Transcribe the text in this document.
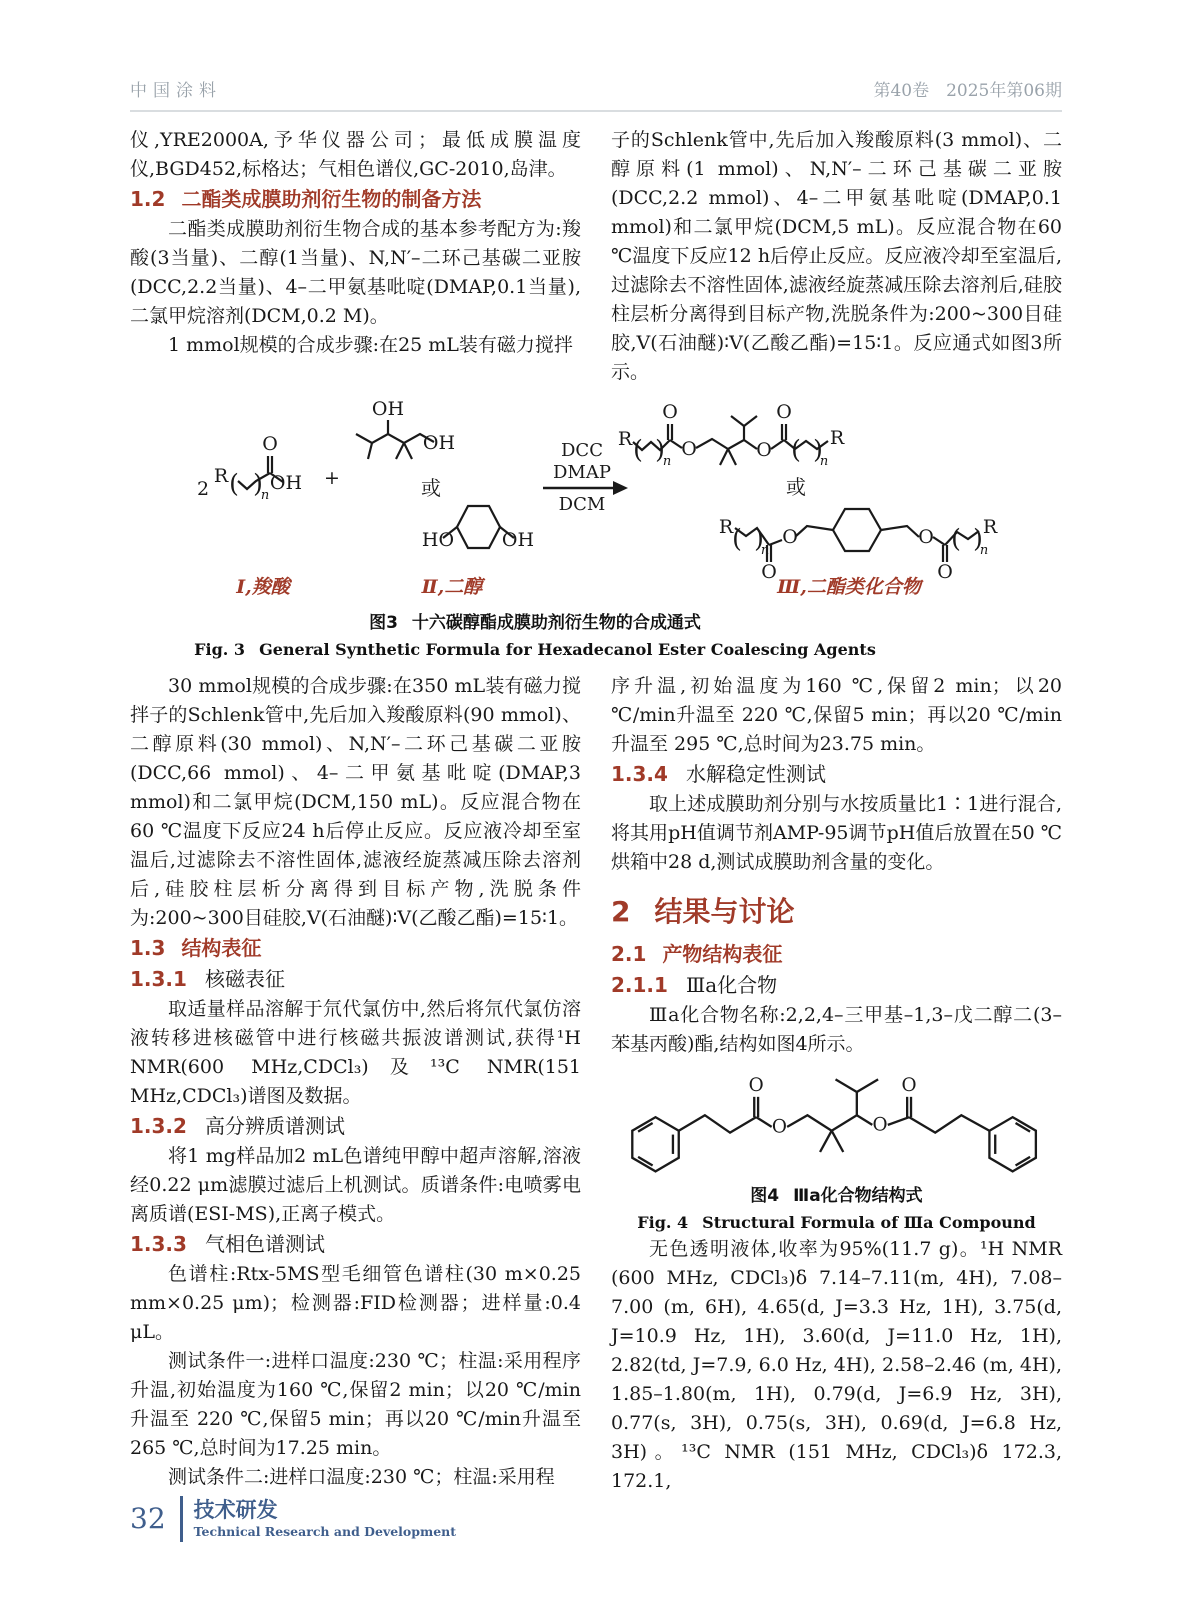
中国涂料	第40卷　2025年第06期

仪,YRE2000A,予华仪器公司；最低成膜温度仪,BGD452,标格达；气相色谱仪,GC-2010,岛津。

1.2 二酯类成膜助剂衍生物的制备方法

二酯类成膜助剂衍生物合成的基本参考配方为:羧酸(3当量)、二醇(1当量)、N,N′–二环己基碳二亚胺(DCC,2.2当量)、4–二甲氨基吡啶(DMAP,0.1当量),二氯甲烷溶剂(DCM,0.2 M)。

1 mmol规模的合成步骤:在25 mL装有磁力搅拌

子的Schlenk管中,先后加入羧酸原料(3 mmol)、二醇原料(1 mmol)、N,N′–二环己基碳二亚胺(DCC,2.2 mmol)、4–二甲氨基吡啶(DMAP,0.1 mmol)和二氯甲烷(DCM,5 mL)。反应混合物在60 ℃温度下反应12 h后停止反应。反应液冷却至室温后,过滤除去不溶性固体,滤液经旋蒸减压除去溶剂后,硅胶柱层析分离得到目标产物,洗脱条件为:200~300目硅胶,V(石油醚)∶V(乙酸乙酯)=15∶1。反应通式如图3所示。

2
R ( )
n
O
OH +
OH
OH
或
HO	OH
DCC
DMAP
DCM
R ( )
n
O
O	O
O
( )
n
R
或
R
( )
n
O
O	O
O
( )
n
R
Ⅰ,羧酸	Ⅱ,二醇	Ⅲ,二酯类化合物
图3 十六碳醇酯成膜助剂衍生物的合成通式
Fig. 3 General Synthetic Formula for Hexadecanol Ester Coalescing Agents

30 mmol规模的合成步骤:在350 mL装有磁力搅拌子的Schlenk管中,先后加入羧酸原料(90 mmol)、二醇原料(30 mmol)、N,N′–二环己基碳二亚胺(DCC,66 mmol)、4–二甲氨基吡啶(DMAP,3 mmol)和二氯甲烷(DCM,150 mL)。反应混合物在60 ℃温度下反应24 h后停止反应。反应液冷却至室温后,过滤除去不溶性固体,滤液经旋蒸减压除去溶剂后,硅胶柱层析分离得到目标产物,洗脱条件为:200~300目硅胶,V(石油醚)∶V(乙酸乙酯)=15∶1。

1.3 结构表征
1.3.1 核磁表征

取适量样品溶解于氘代氯仿中,然后将氘代氯仿溶液转移进核磁管中进行核磁共振波谱测试,获得¹H NMR(600 MHz,CDCl₃)及¹³C NMR(151 MHz,CDCl₃)谱图及数据。

1.3.2 高分辨质谱测试

将1 mg样品加2 mL色谱纯甲醇中超声溶解,溶液经0.22 μm滤膜过滤后上机测试。质谱条件:电喷雾电离质谱(ESI-MS),正离子模式。

1.3.3 气相色谱测试

色谱柱:Rtx-5MS型毛细管色谱柱(30 m×0.25 mm×0.25 μm)；检测器:FID检测器；进样量:0.4 μL。

测试条件一:进样口温度:230 ℃；柱温:采用程序升温,初始温度为160 ℃,保留2 min；以20 ℃/min升温至 220 ℃,保留5 min；再以20 ℃/min升温至 265 ℃,总时间为17.25 min。

测试条件二:进样口温度:230 ℃；柱温:采用程

序升温,初始温度为160 ℃,保留2 min；以20 ℃/min升温至 220 ℃,保留5 min；再以20 ℃/min升温至 295 ℃,总时间为23.75 min。

1.3.4 水解稳定性测试

取上述成膜助剂分别与水按质量比1∶1进行混合,将其用pH值调节剂AMP-95调节pH值后放置在50 ℃烘箱中28 d,测试成膜助剂含量的变化。

2 结果与讨论
2.1 产物结构表征
2.1.1 Ⅲa化合物

Ⅲa化合物名称:2,2,4–三甲基–1,3–戊二醇二(3–苯基丙酸)酯,结构如图4所示。

O
O	O
O
图4 Ⅲa化合物结构式
Fig. 4 Structural Formula of Ⅲa Compound

无色透明液体,收率为95%(11.7 g)。¹H NMR (600 MHz, CDCl₃)δ 7.14–7.11(m, 4H), 7.08–7.00 (m, 6H), 4.65(d, J=3.3 Hz, 1H), 3.75(d, J=10.9 Hz, 1H), 3.60(d, J=11.0 Hz, 1H), 2.82(td, J=7.9, 6.0 Hz, 4H), 2.58–2.46 (m, 4H), 1.85–1.80(m, 1H), 0.79(d, J=6.9 Hz, 3H), 0.77(s, 3H), 0.75(s, 3H), 0.69(d, J=6.8 Hz, 3H)。¹³C NMR (151 MHz, CDCl₃)δ 172.3, 172.1,

32 技术研发
Technical Research and Development
